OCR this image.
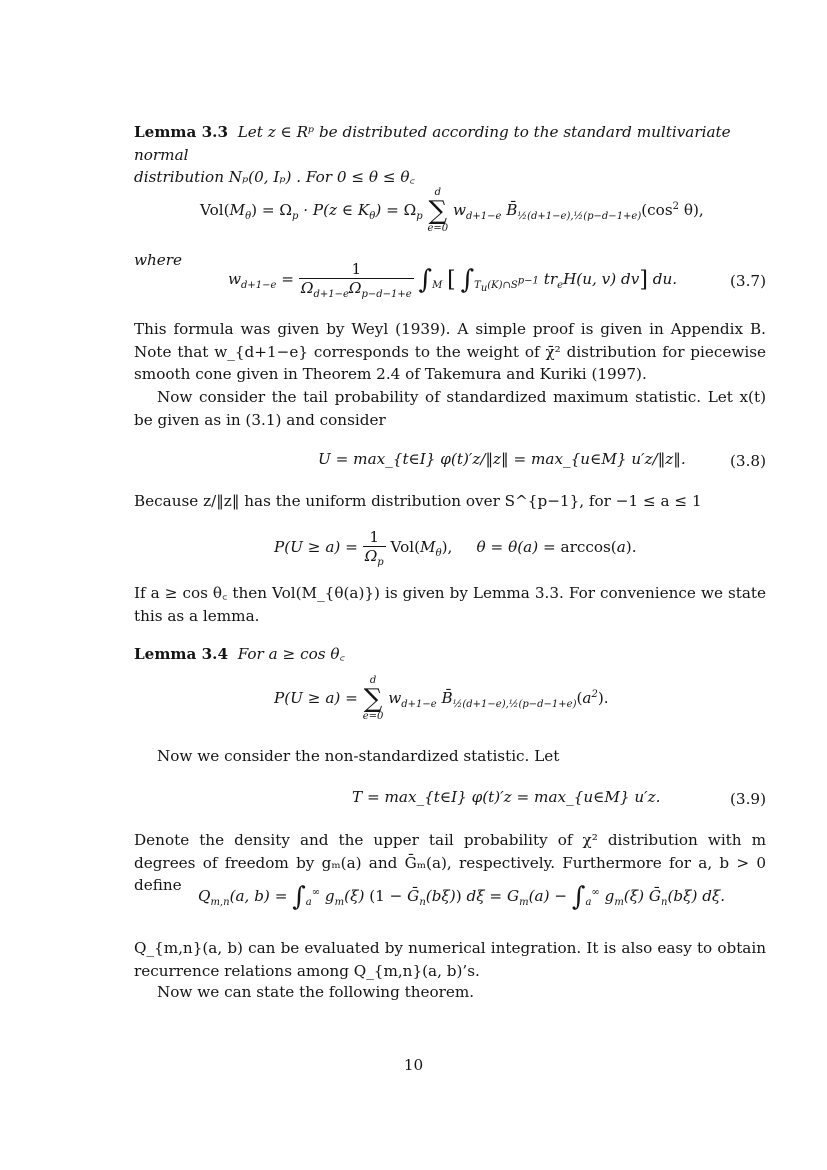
Lemma 3.3 Let z ∈ Rᵖ be distributed according to the standard multivariate normal
distribution Nₚ(0, Iₚ) . For 0 ≤ θ ≤ θ꜀
$Vol(M_\theta) = \Omega_p \cdot P(z$ ∈ $K_\theta) = \Omega_p$
d
∑
e=0
$w_{d+1-e}$ $B̄_{\frac{1}{2}(d+1-e),\frac{1}{2}(p-d-1+e)}(\cos^2$ θ),
where
$w_{d+1-e} = \frac{1}{\Omega_{d+1-e}\Omega_{p-d-1+e}} \int_M$ [ $\int_{T_u(K)\cap S^{p-1}}$ $tr_eH(u$, v) dv] du.	(3.7)
This formula was given by Weyl (1939). A simple proof is given in Appendix B. Note that w_{d+1−e} corresponds to the weight of χ̄² distribution for piecewise smooth cone given in Theorem 2.4 of Takemura and Kuriki (1997).
Now consider the tail probability of standardized maximum statistic. Let x(t) be given as in (3.1) and consider
U = max_{t∈I} φ(t)′z/‖z‖ = max_{u∈M} u′z/‖z‖.	(3.8)
Because z/‖z‖ has the uniform distribution over S^{p−1}, for −1 ≤ a ≤ 1
$P(U \ge a) = \frac{1}{\Omega_p} Vol(M_\theta)$,     θ = θ(a) = arccos(a).
If a ≥ cos θ꜀ then Vol(M_{θ(a)}) is given by Lemma 3.3. For convenience we state this as a lemma.
Lemma 3.4 For a ≥ cos θ꜀
P(U ≥ a) =
d
∑
e=0
$w_{d+1-e}$ $B̄_{\frac{1}{2}(d+1-e),\frac{1}{2}(p-d-1+e)}(a^2)$.
Now we consider the non-standardized statistic. Let
T = max_{t∈I} φ(t)′z = max_{u∈M} u′z.	(3.9)
Denote the density and the upper tail probability of χ² distribution with m degrees of freedom by gₘ(a) and Ḡₘ(a), respectively. Furthermore for a, b > 0 define
$Q_{m,n}(a$, $b) = \int_a^\infty$ $g_m(\xi) (1$ − Ḡ$_n$(bξ)) $d\xi = G_m(a) - \int_a^\infty$ $g_m(\xi)$ Ḡ$_n$(bξ) dξ.
Q_{m,n}(a, b) can be evaluated by numerical integration. It is also easy to obtain recurrence relations among Q_{m,n}(a, b)’s.
Now we can state the following theorem.
10
